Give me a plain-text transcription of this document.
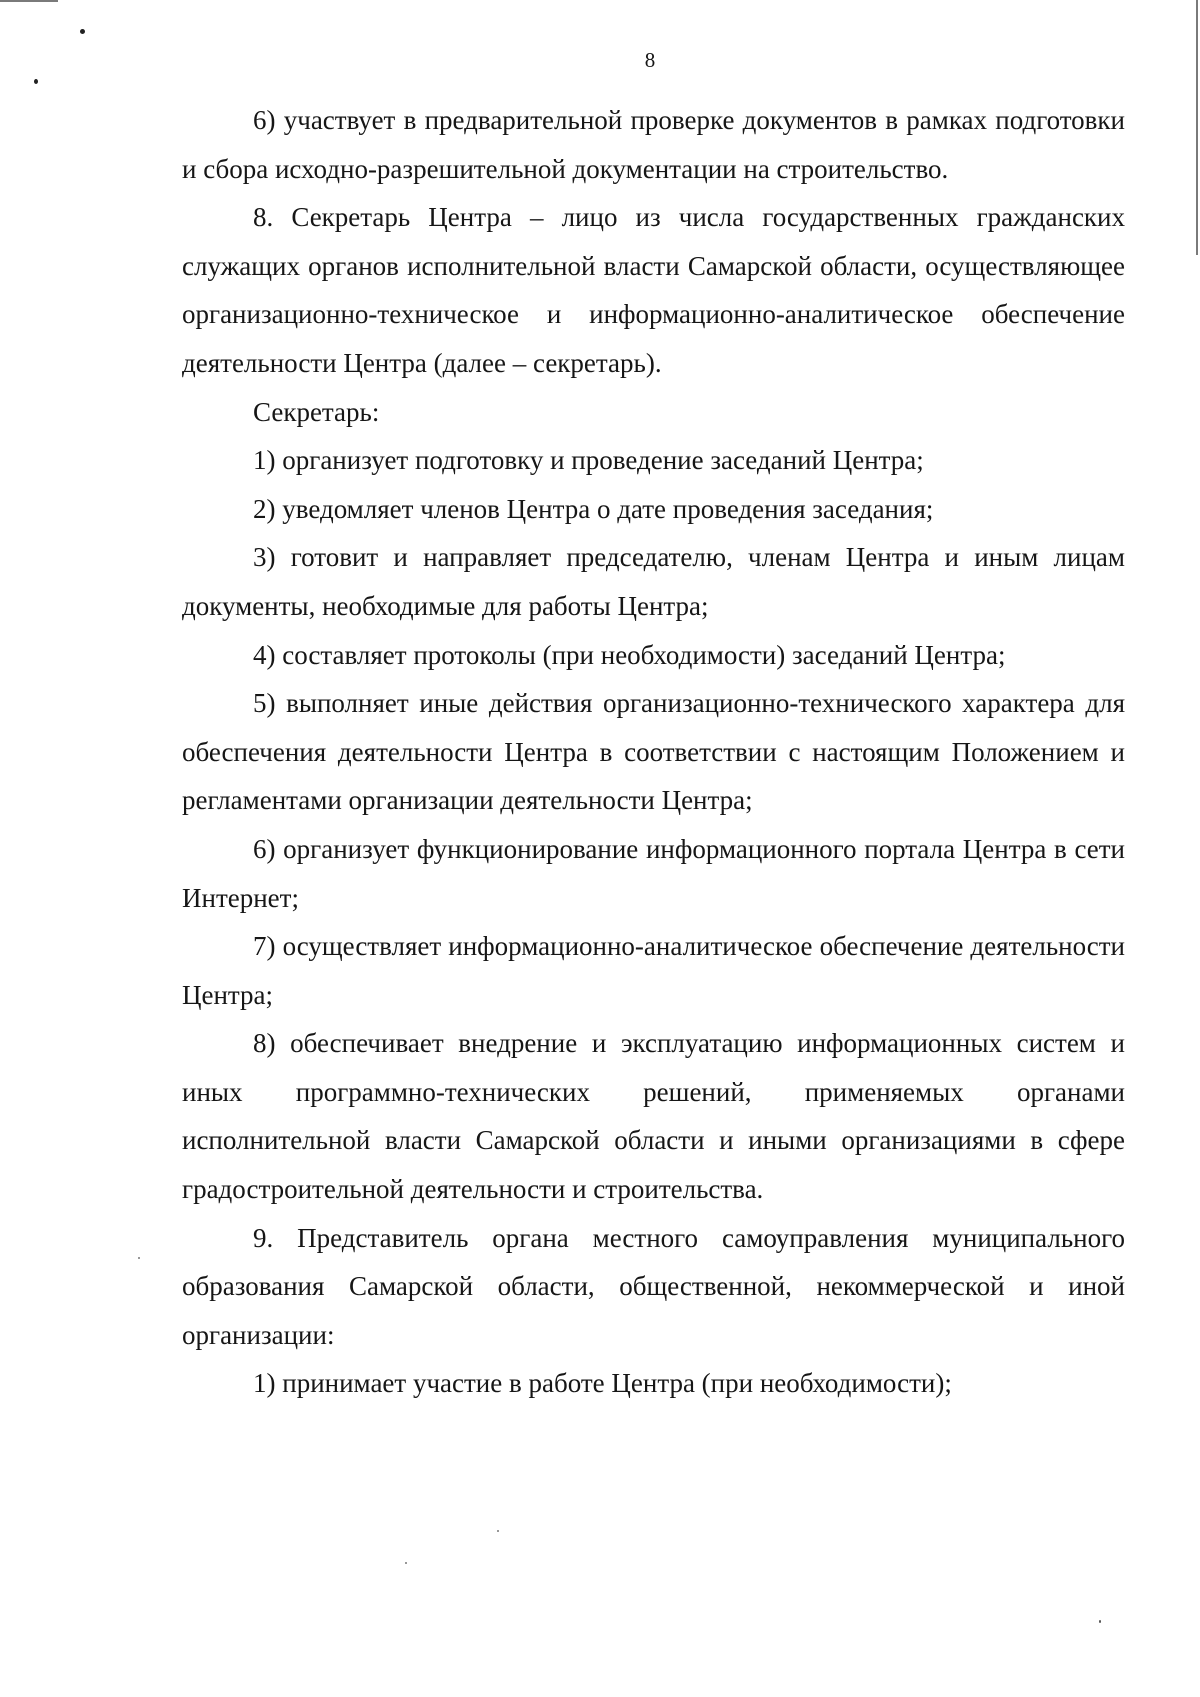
8

6) участвует в предварительной проверке документов в рамках подготовки и сбора исходно-разрешительной документации на строительство.

8. Секретарь Центра – лицо из числа государственных гражданских служащих органов исполнительной власти Самарской области, осуществляющее организационно-техническое и информационно-аналитическое обеспечение деятельности Центра (далее – секретарь).

Секретарь:

1) организует подготовку и проведение заседаний Центра;

2) уведомляет членов Центра о дате проведения заседания;

3) готовит и направляет председателю, членам Центра и иным лицам документы, необходимые для работы Центра;

4) составляет протоколы (при необходимости) заседаний Центра;

5) выполняет иные действия организационно-технического характера для обеспечения деятельности Центра в соответствии с настоящим Положением и регламентами организации деятельности Центра;

6) организует функционирование информационного портала Центра в сети Интернет;

7) осуществляет информационно-аналитическое обеспечение деятельности Центра;

8) обеспечивает внедрение и эксплуатацию информационных систем и иных программно-технических решений, применяемых органами исполнительной власти Самарской области и иными организациями в сфере градостроительной деятельности и строительства.

9. Представитель органа местного самоуправления муниципального образования Самарской области, общественной, некоммерческой и иной организации:

1) принимает участие в работе Центра (при необходимости);
